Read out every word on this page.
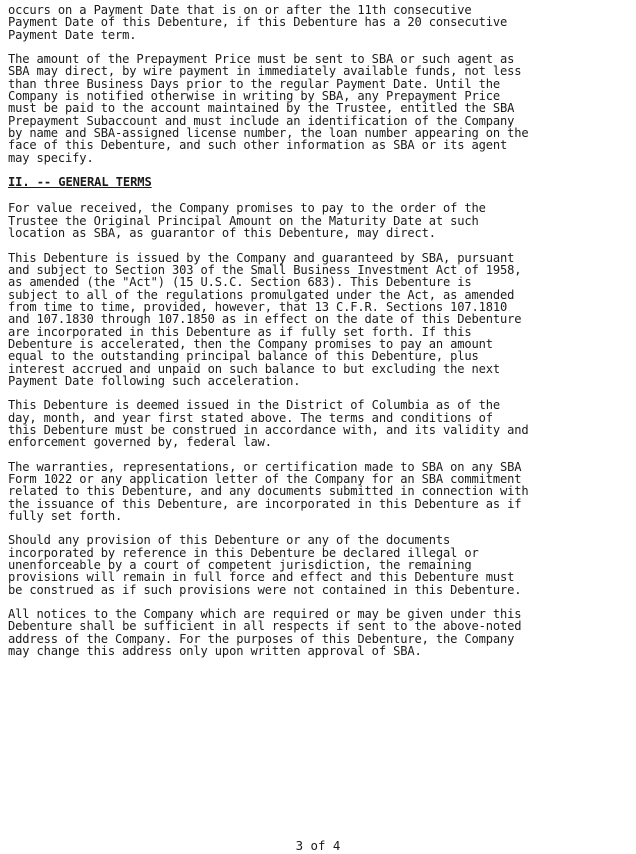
occurs on a Payment Date that is on or after the 11th consecutive
Payment Date of this Debenture, if this Debenture has a 20 consecutive
Payment Date term.

The amount of the Prepayment Price must be sent to SBA or such agent as
SBA may direct, by wire payment in immediately available funds, not less
than three Business Days prior to the regular Payment Date. Until the
Company is notified otherwise in writing by SBA, any Prepayment Price
must be paid to the account maintained by the Trustee, entitled the SBA
Prepayment Subaccount and must include an identification of the Company
by name and SBA-assigned license number, the loan number appearing on the
face of this Debenture, and such other information as SBA or its agent
may specify.

II. -- GENERAL TERMS

For value received, the Company promises to pay to the order of the
Trustee the Original Principal Amount on the Maturity Date at such
location as SBA, as guarantor of this Debenture, may direct.

This Debenture is issued by the Company and guaranteed by SBA, pursuant
and subject to Section 303 of the Small Business Investment Act of 1958,
as amended (the "Act") (15 U.S.C. Section 683). This Debenture is
subject to all of the regulations promulgated under the Act, as amended
from time to time, provided, however, that 13 C.F.R. Sections 107.1810
and 107.1830 through 107.1850 as in effect on the date of this Debenture
are incorporated in this Debenture as if fully set forth. If this
Debenture is accelerated, then the Company promises to pay an amount
equal to the outstanding principal balance of this Debenture, plus
interest accrued and unpaid on such balance to but excluding the next
Payment Date following such acceleration.

This Debenture is deemed issued in the District of Columbia as of the
day, month, and year first stated above. The terms and conditions of
this Debenture must be construed in accordance with, and its validity and
enforcement governed by, federal law.

The warranties, representations, or certification made to SBA on any SBA
Form 1022 or any application letter of the Company for an SBA commitment
related to this Debenture, and any documents submitted in connection with
the issuance of this Debenture, are incorporated in this Debenture as if
fully set forth.

Should any provision of this Debenture or any of the documents
incorporated by reference in this Debenture be declared illegal or
unenforceable by a court of competent jurisdiction, the remaining
provisions will remain in full force and effect and this Debenture must
be construed as if such provisions were not contained in this Debenture.

All notices to the Company which are required or may be given under this
Debenture shall be sufficient in all respects if sent to the above-noted
address of the Company. For the purposes of this Debenture, the Company
may change this address only upon written approval of SBA.

3 of 4
